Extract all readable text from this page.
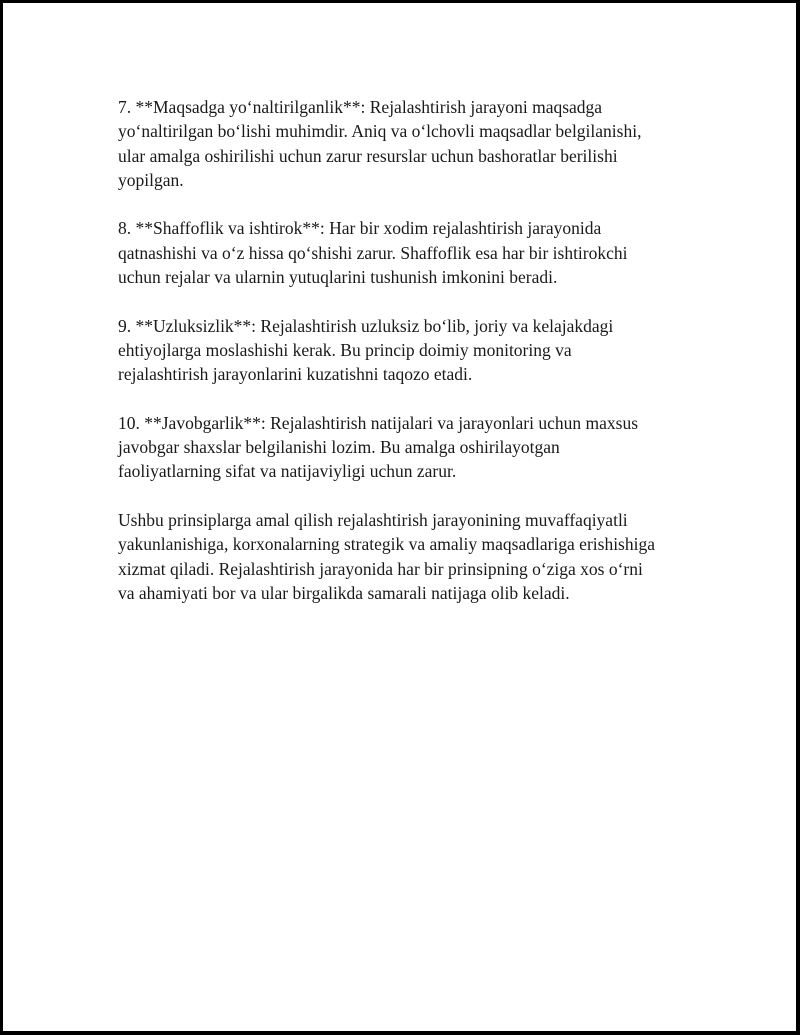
7. **Maqsadga yo‘naltirilganlik**: Rejalashtirish jarayoni maqsadga
yo‘naltirilgan bo‘lishi muhimdir. Aniq va o‘lchovli maqsadlar belgilanishi,
ular amalga oshirilishi uchun zarur resurslar uchun bashoratlar berilishi
yopilgan.

8. **Shaffoflik va ishtirok**: Har bir xodim rejalashtirish jarayonida
qatnashishi va o‘z hissa qo‘shishi zarur. Shaffoflik esa har bir ishtirokchi
uchun rejalar va ularnin yutuqlarini tushunish imkonini beradi.

9. **Uzluksizlik**: Rejalashtirish uzluksiz bo‘lib, joriy va kelajakdagi
ehtiyojlarga moslashishi kerak. Bu princip doimiy monitoring va
rejalashtirish jarayonlarini kuzatishni taqozo etadi.

10. **Javobgarlik**: Rejalashtirish natijalari va jarayonlari uchun maxsus
javobgar shaxslar belgilanishi lozim. Bu amalga oshirilayotgan
faoliyatlarning sifat va natijaviyligi uchun zarur.

Ushbu prinsiplarga amal qilish rejalashtirish jarayonining muvaffaqiyatli
yakunlanishiga, korxonalarning strategik va amaliy maqsadlariga erishishiga
xizmat qiladi. Rejalashtirish jarayonida har bir prinsipning o‘ziga xos o‘rni
va ahamiyati bor va ular birgalikda samarali natijaga olib keladi.
